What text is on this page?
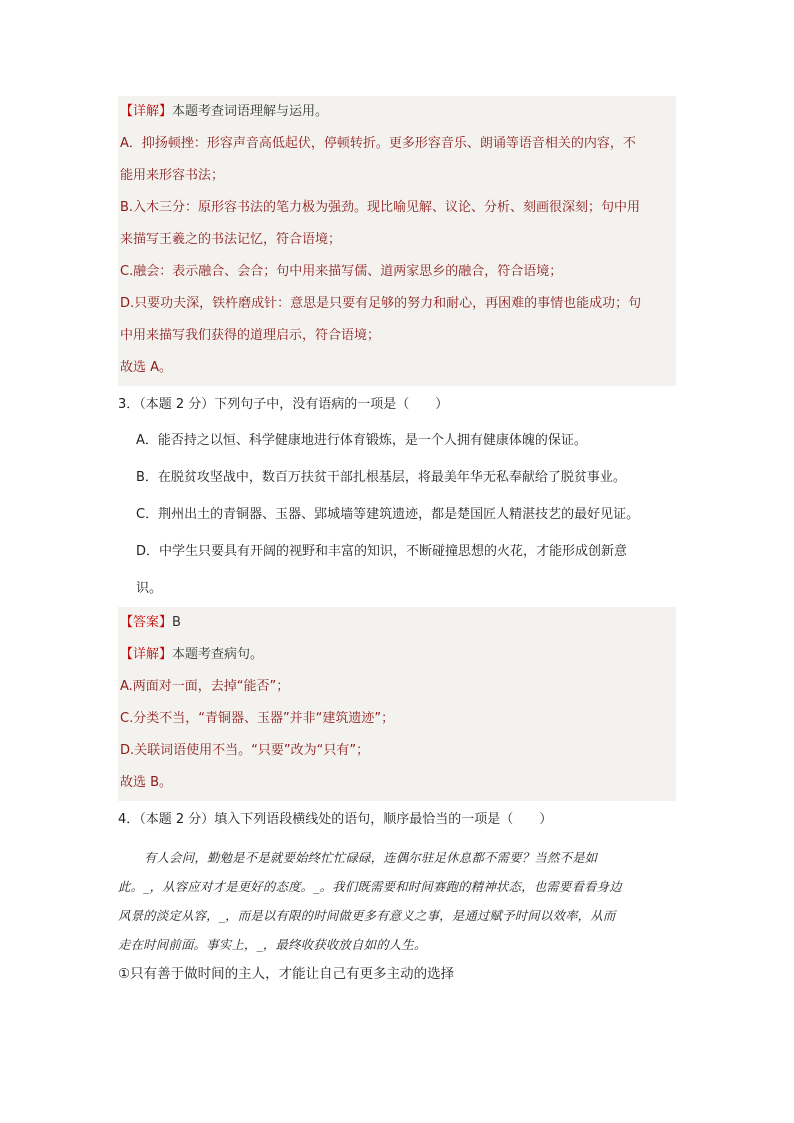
【详解】本题考查词语理解与运用。
A．抑扬顿挫：形容声音高低起伏，停顿转折。更多形容音乐、朗诵等语音相关的内容，不
能用来形容书法；
B.入木三分：原形容书法的笔力极为强劲。现比喻见解、议论、分析、刻画很深刻；句中用
来描写王羲之的书法记忆，符合语境；
C.融会：表示融合、会合；句中用来描写儒、道两家思乡的融合，符合语境；
D.只要功夫深，铁杵磨成针：意思是只要有足够的努力和耐心，再困难的事情也能成功；句
中用来描写我们获得的道理启示，符合语境；
故选 A。
3．（本题 2 分）下列句子中，没有语病的一项是（　　）
A．能否持之以恒、科学健康地进行体育锻炼，是一个人拥有健康体魄的保证。
B．在脱贫攻坚战中，数百万扶贫干部扎根基层，将最美年华无私奉献给了脱贫事业。
C．荆州出土的青铜器、玉器、郢城墙等建筑遗迹，都是楚国匠人精湛技艺的最好见证。
D．中学生只要具有开阔的视野和丰富的知识，不断碰撞思想的火花，才能形成创新意
识。
【答案】B
【详解】本题考查病句。
A.两面对一面，去掉“能否”；
C.分类不当，“青铜器、玉器”并非“建筑遗迹”；
D.关联词语使用不当。“只要”改为“只有”；
故选 B。
4．（本题 2 分）填入下列语段横线处的语句，顺序最恰当的一项是（　　）
有人会问，勤勉是不是就要始终忙忙碌碌，连偶尔驻足休息都不需要？当然不是如
此。_，从容应对才是更好的态度。_。我们既需要和时间赛跑的精神状态，也需要看看身边
风景的淡定从容，_，而是以有限的时间做更多有意义之事，是通过赋予时间以效率，从而
走在时间前面。事实上，_，最终收获收放自如的人生。
①只有善于做时间的主人，才能让自己有更多主动的选择
